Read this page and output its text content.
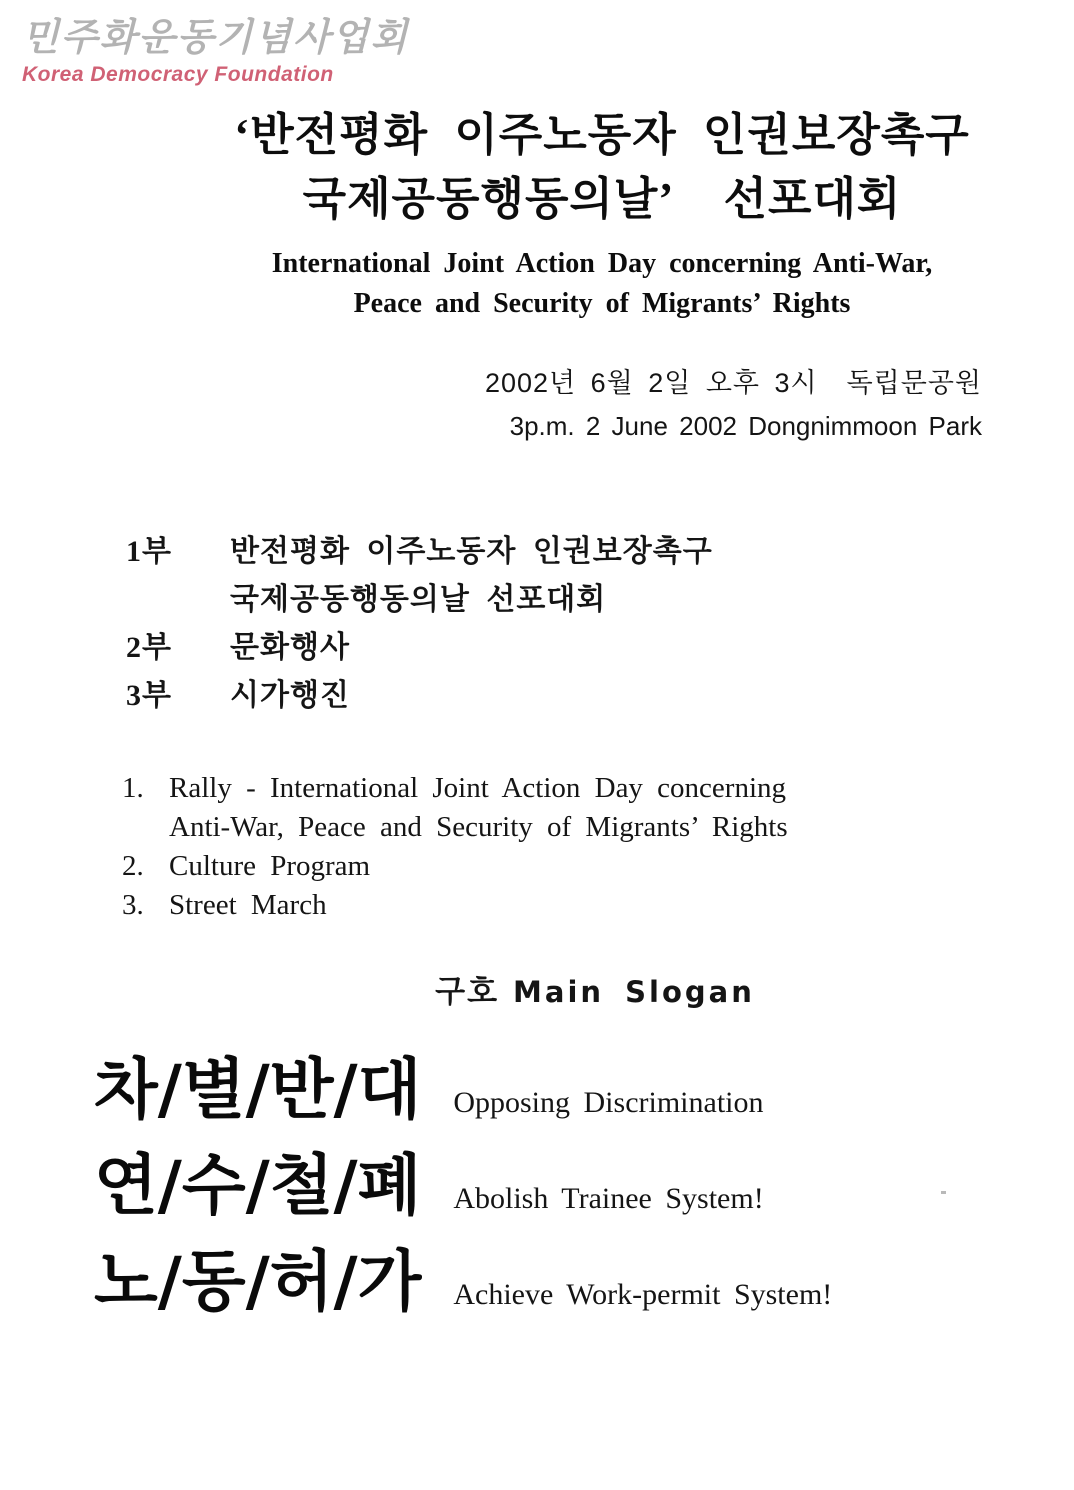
민주화운동기념사업회
Korea Democracy Foundation
‘반전평화 이주노동자 인권보장촉구
국제공동행동의날’  선포대회
International Joint Action Day concerning Anti-War,
Peace and Security of Migrants’ Rights
2002년 6월 2일 오후 3시  독립문공원
3p.m. 2 June 2002 Dongnimmoon Park
1부	반전평화 이주노동자 인권보장촉구
국제공동행동의날 선포대회
2부	문화행사
3부	시가행진
1. Rally - International Joint Action Day concerning
Anti-War, Peace and Security of Migrants’ Rights
2. Culture Program
3. Street March
구호 Main Slogan
차/별/반/대 Opposing Discrimination
연/수/철/폐 Abolish Trainee System!
노/동/허/가 Achieve Work-permit System!
